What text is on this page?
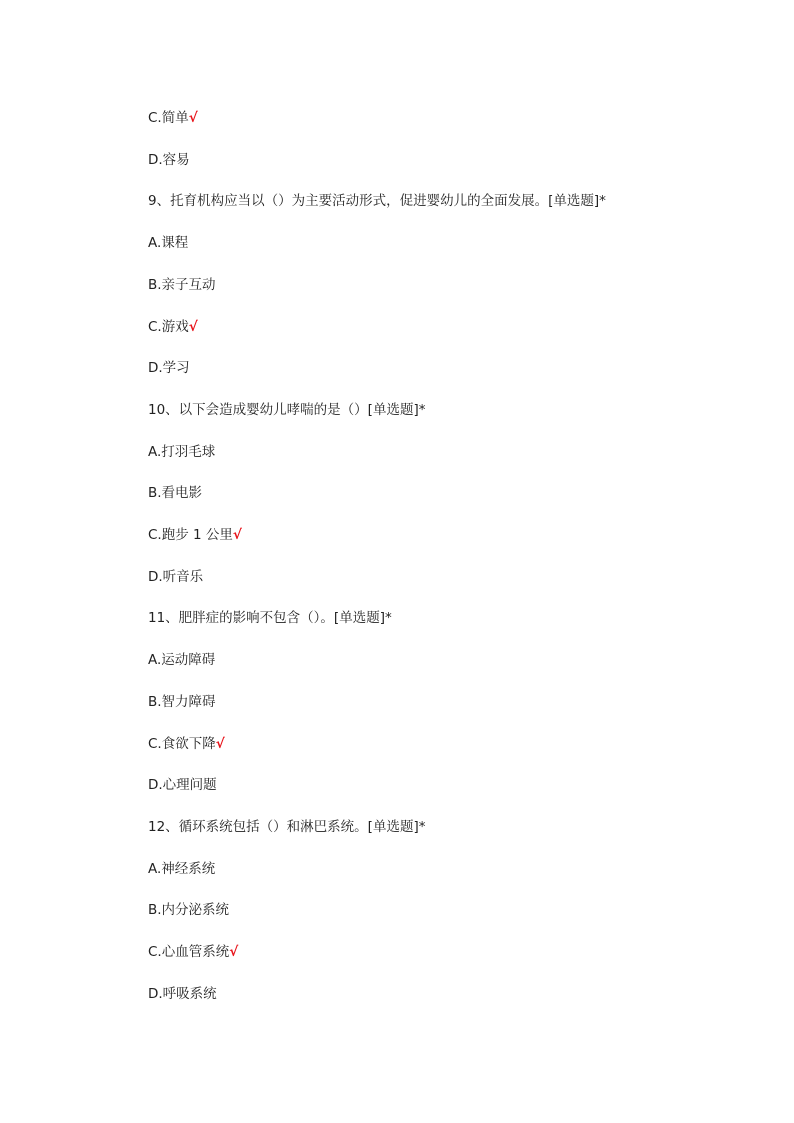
C.简单√
D.容易
9、托育机构应当以（）为主要活动形式，促进婴幼儿的全面发展。[单选题]*
A.课程
B.亲子互动
C.游戏√
D.学习
10、以下会造成婴幼儿哮喘的是（）[单选题]*
A.打羽毛球
B.看电影
C.跑步 1 公里√
D.听音乐
11、肥胖症的影响不包含（）。[单选题]*
A.运动障碍
B.智力障碍
C.食欲下降√
D.心理问题
12、循环系统包括（）和淋巴系统。[单选题]*
A.神经系统
B.内分泌系统
C.心血管系统√
D.呼吸系统
